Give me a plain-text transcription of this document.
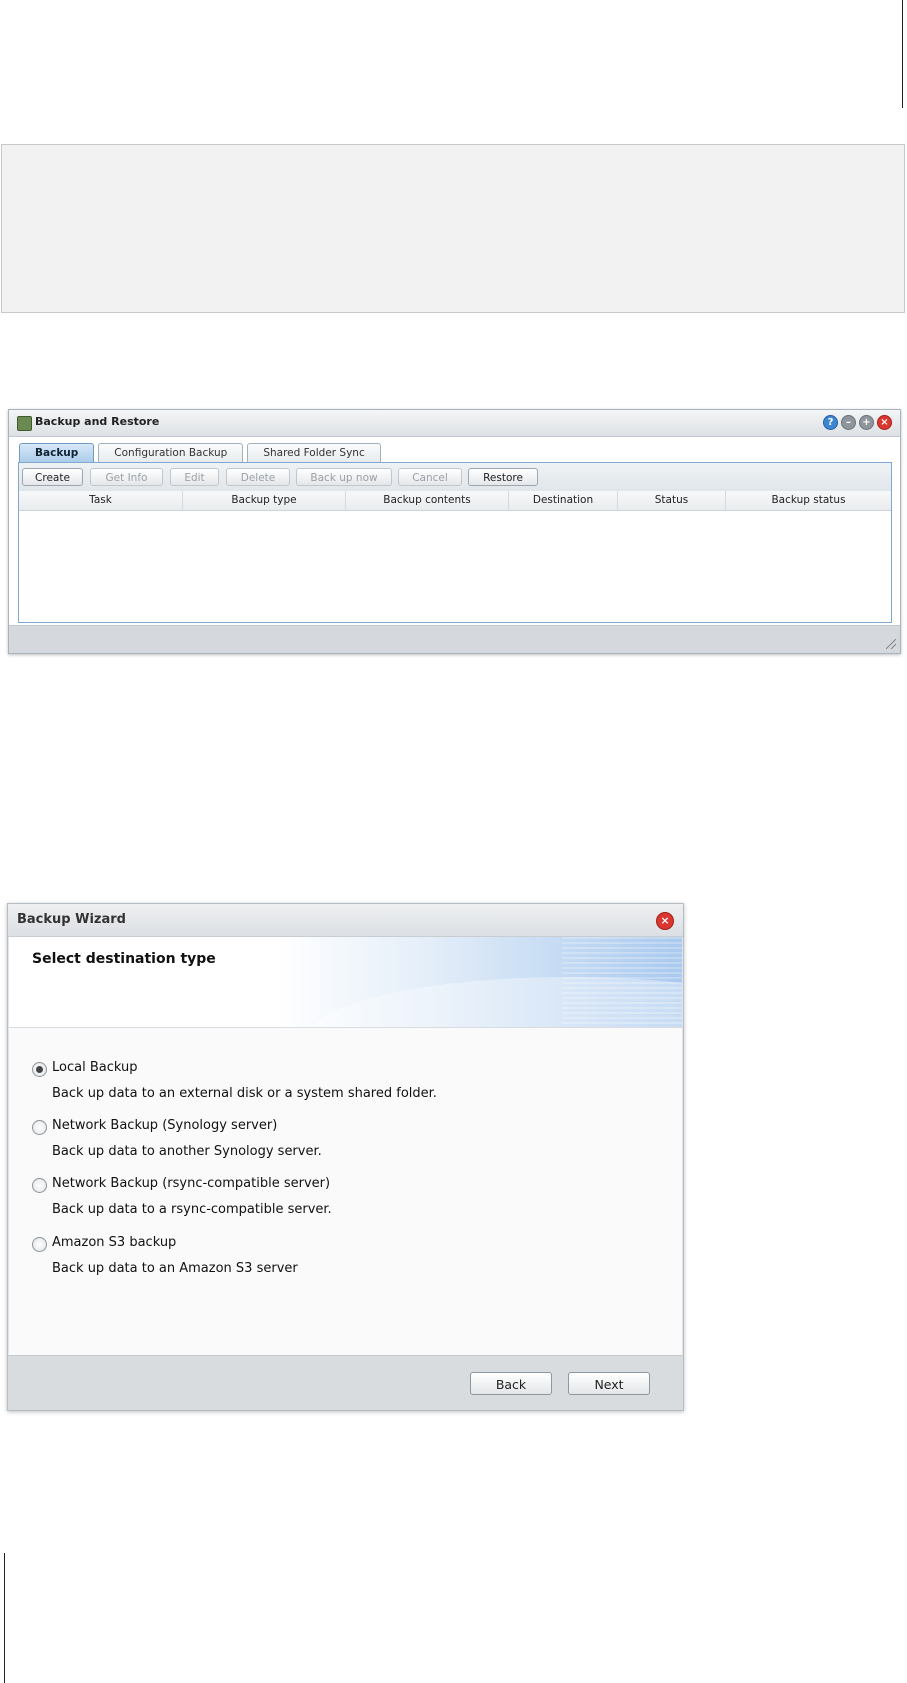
Backup and Restore	?	–	+ ×
Backup	Configuration Backup	Shared Folder Sync
Create	Get Info	Edit	Delete	Back up now	Cancel	Restore
Task	Backup type	Backup contents	Destination	Status	Backup status
Backup Wizard	×
Select destination type
Local Backup
Back up data to an external disk or a system shared folder.
Network Backup (Synology server)
Back up data to another Synology server.
Network Backup (rsync-compatible server)
Back up data to a rsync-compatible server.
Amazon S3 backup
Back up data to an Amazon S3 server
Back	Next
